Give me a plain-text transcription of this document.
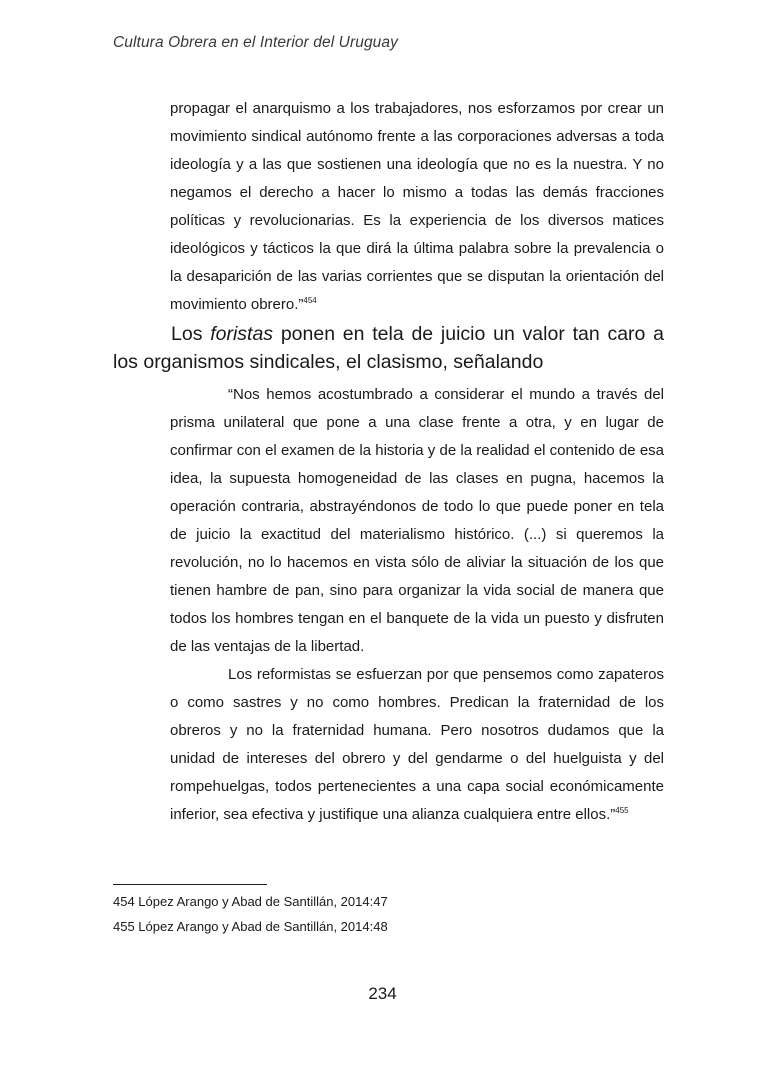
Cultura Obrera en el Interior del Uruguay

propagar el anarquismo a los trabajadores, nos esforzamos por crear un movimiento sindical autónomo frente a las corporaciones adversas a toda ideología y a las que sostienen una ideología que no es la nuestra. Y no negamos el derecho a hacer lo mismo a todas las demás fracciones políticas y revolucionarias. Es la experiencia de los diversos matices ideológicos y tácticos la que dirá la última palabra sobre la prevalencia o la desaparición de las varias corrientes que se disputan la orientación del movimiento obrero.”$^{454}$

Los foristas ponen en tela de juicio un valor tan caro a los organismos sindicales, el clasismo, señalando

“Nos hemos acostumbrado a considerar el mundo a través del prisma unilateral que pone a una clase frente a otra, y en lugar de confirmar con el examen de la historia y de la realidad el contenido de esa idea, la supuesta homogeneidad de las clases en pugna, hacemos la operación contraria, abstrayéndonos de todo lo que puede poner en tela de juicio la exactitud del materialismo histórico. (...) si queremos la revolución, no lo hacemos en vista sólo de aliviar la situación de los que tienen hambre de pan, sino para organizar la vida social de manera que todos los hombres tengan en el banquete de la vida un puesto y disfruten de las ventajas de la libertad.

Los reformistas se esfuerzan por que pensemos como zapateros o como sastres y no como hombres. Predican la fraternidad de los obreros y no la fraternidad humana. Pero nosotros dudamos que la unidad de intereses del obrero y del gendarme o del huelguista y del rompehuelgas, todos pertenecientes a una capa social económicamente inferior, sea efectiva y justifique una alianza cualquiera entre ellos.”$^{455}$

454 López Arango y Abad de Santillán, 2014:47
455 López Arango y Abad de Santillán, 2014:48
234
